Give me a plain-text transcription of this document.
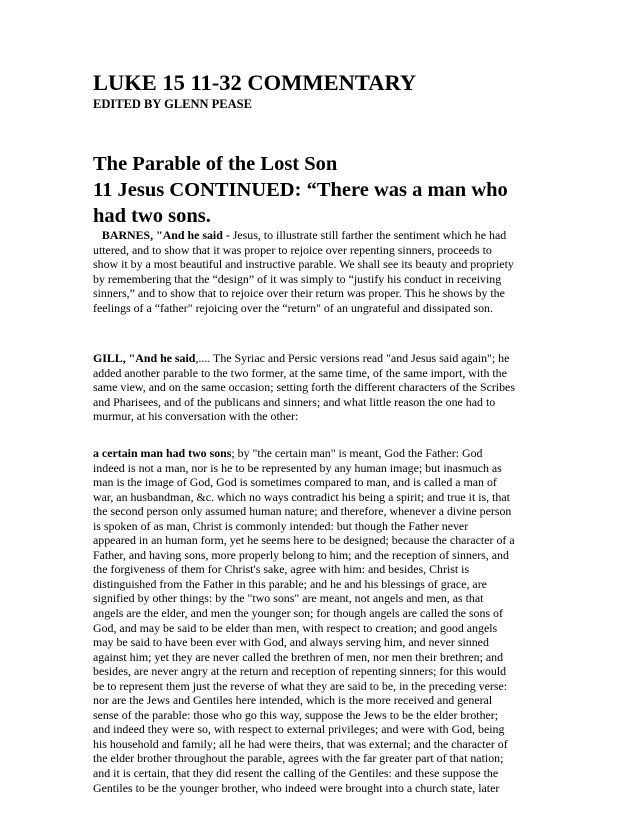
LUKE 15 11-32 COMMENTARY
EDITED BY GLENN PEASE
The Parable of the Lost Son
11 Jesus CONTINUED: “There was a man who
had two sons.
BARNES, "And he said - Jesus, to illustrate still farther the sentiment which he had
uttered, and to show that it was proper to rejoice over repenting sinners, proceeds to
show it by a most beautiful and instructive parable. We shall see its beauty and propriety
by remembering that the “design” of it was simply to “justify his conduct in receiving
sinners,” and to show that to rejoice over their return was proper. This he shows by the
feelings of a “father" rejoicing over the “return" of an ungrateful and dissipated son.
GILL, "And he said,.... The Syriac and Persic versions read "and Jesus said again"; he
added another parable to the two former, at the same time, of the same import, with the
same view, and on the same occasion; setting forth the different characters of the Scribes
and Pharisees, and of the publicans and sinners; and what little reason the one had to
murmur, at his conversation with the other:
a certain man had two sons; by "the certain man" is meant, God the Father: God
indeed is not a man, nor is he to be represented by any human image; but inasmuch as
man is the image of God, God is sometimes compared to man, and is called a man of
war, an husbandman, &c. which no ways contradict his being a spirit; and true it is, that
the second person only assumed human nature; and therefore, whenever a divine person
is spoken of as man, Christ is commonly intended: but though the Father never
appeared in an human form, yet he seems here to be designed; because the character of a
Father, and having sons, more properly belong to him; and the reception of sinners, and
the forgiveness of them for Christ's sake, agree with him: and besides, Christ is
distinguished from the Father in this parable; and he and his blessings of grace, are
signified by other things: by the "two sons" are meant, not angels and men, as that
angels are the elder, and men the younger son; for though angels are called the sons of
God, and may be said to be elder than men, with respect to creation; and good angels
may be said to have been ever with God, and always serving him, and never sinned
against him; yet they are never called the brethren of men, nor men their brethren; and
besides, are never angry at the return and reception of repenting sinners; for this would
be to represent them just the reverse of what they are said to be, in the preceding verse:
nor are the Jews and Gentiles here intended, which is the more received and general
sense of the parable: those who go this way, suppose the Jews to be the elder brother;
and indeed they were so, with respect to external privileges; and were with God, being
his household and family; all he had were theirs, that was external; and the character of
the elder brother throughout the parable, agrees with the far greater part of that nation;
and it is certain, that they did resent the calling of the Gentiles: and these suppose the
Gentiles to be the younger brother, who indeed were brought into a church state, later
